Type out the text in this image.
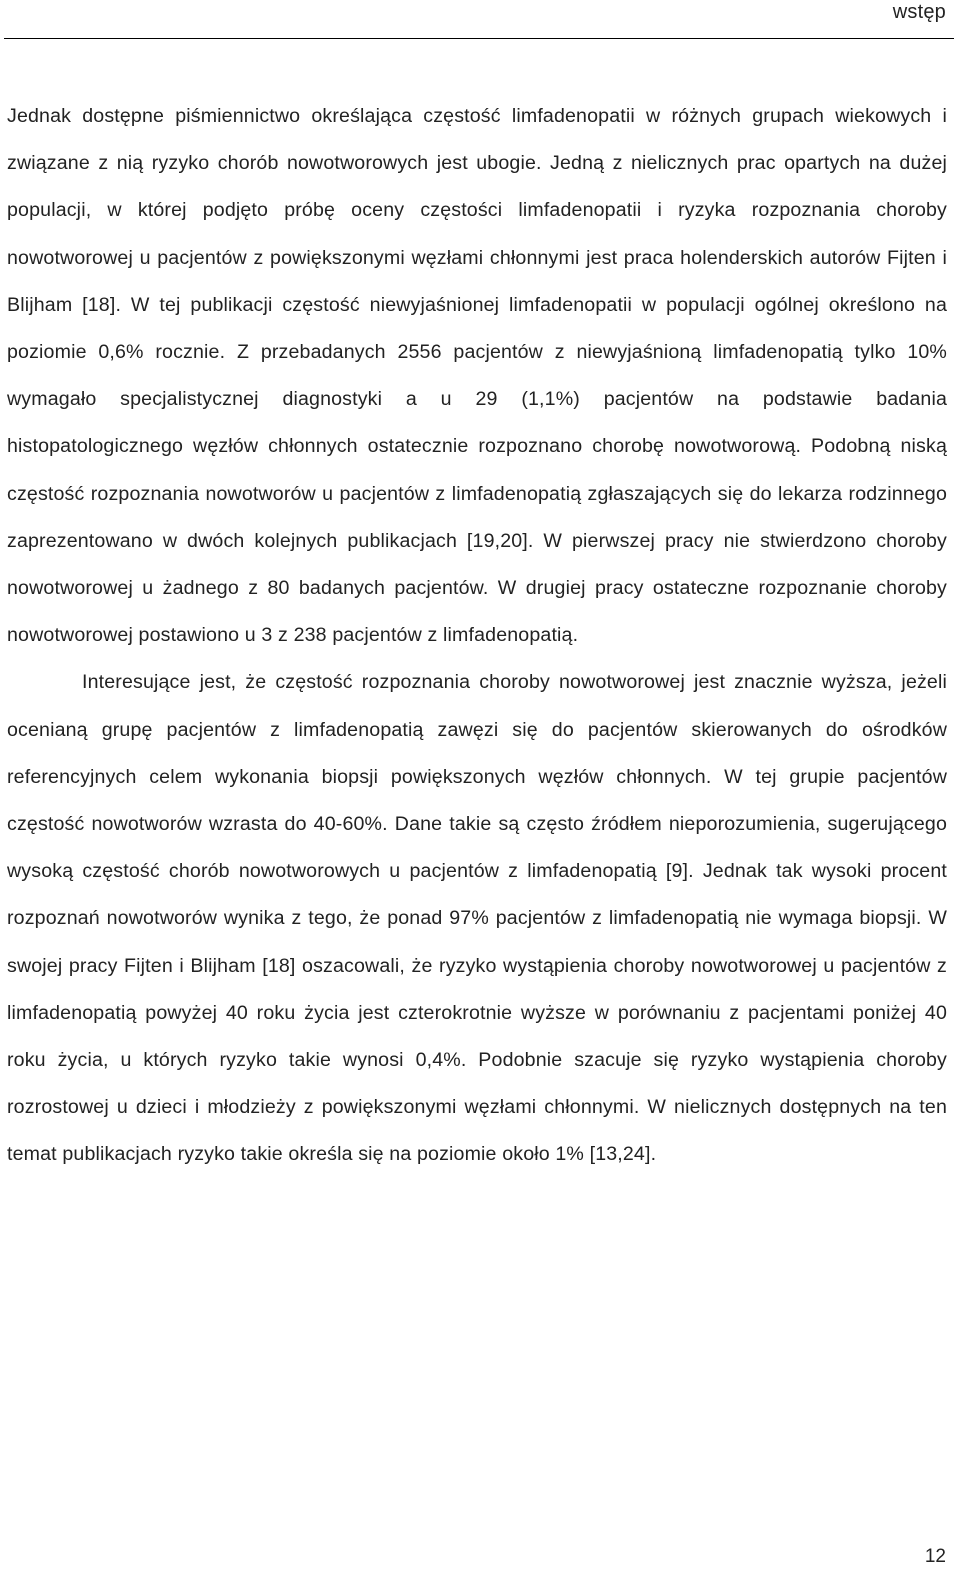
wstęp

Jednak dostępne piśmiennictwo określająca częstość limfadenopatii w różnych grupach wiekowych i związane z nią ryzyko chorób nowotworowych jest ubogie. Jedną z nielicznych prac opartych na dużej populacji, w której podjęto próbę oceny częstości limfadenopatii i ryzyka rozpoznania choroby nowotworowej u pacjentów z powiększonymi węzłami chłonnymi jest praca holenderskich autorów Fijten i Blijham [18]. W tej publikacji częstość niewyjaśnionej limfadenopatii w populacji ogólnej określono na poziomie 0,6% rocznie. Z przebadanych 2556 pacjentów z niewyjaśnioną limfadenopatią tylko 10% wymagało specjalistycznej diagnostyki a u 29 (1,1%) pacjentów na podstawie badania histopatologicznego węzłów chłonnych ostatecznie rozpoznano chorobę nowotworową. Podobną niską częstość rozpoznania nowotworów u pacjentów z limfadenopatią zgłaszających się do lekarza rodzinnego zaprezentowano w dwóch kolejnych publikacjach [19,20]. W pierwszej pracy nie stwierdzono choroby nowotworowej u żadnego z 80 badanych pacjentów. W drugiej pracy ostateczne rozpoznanie choroby nowotworowej postawiono u 3 z 238 pacjentów z limfadenopatią.

Interesujące jest, że częstość rozpoznania choroby nowotworowej jest znacznie wyższa, jeżeli ocenianą grupę pacjentów z limfadenopatią zawęzi się do pacjentów skierowanych do ośrodków referencyjnych celem wykonania biopsji powiększonych węzłów chłonnych. W tej grupie pacjentów częstość nowotworów wzrasta do 40-60%. Dane takie są często źródłem nieporozumienia, sugerującego wysoką częstość chorób nowotworowych u pacjentów z limfadenopatią [9]. Jednak tak wysoki procent rozpoznań nowotworów wynika z tego, że ponad 97% pacjentów z limfadenopatią nie wymaga biopsji. W swojej pracy Fijten i Blijham [18] oszacowali, że ryzyko wystąpienia choroby nowotworowej u pacjentów z limfadenopatią powyżej 40 roku życia jest czterokrotnie wyższe w porównaniu z pacjentami poniżej 40 roku życia, u których ryzyko takie wynosi 0,4%. Podobnie szacuje się ryzyko wystąpienia choroby rozrostowej u dzieci i młodzieży z powiększonymi węzłami chłonnymi. W nielicznych dostępnych na ten temat publikacjach ryzyko takie określa się na poziomie około 1% [13,24].

12
